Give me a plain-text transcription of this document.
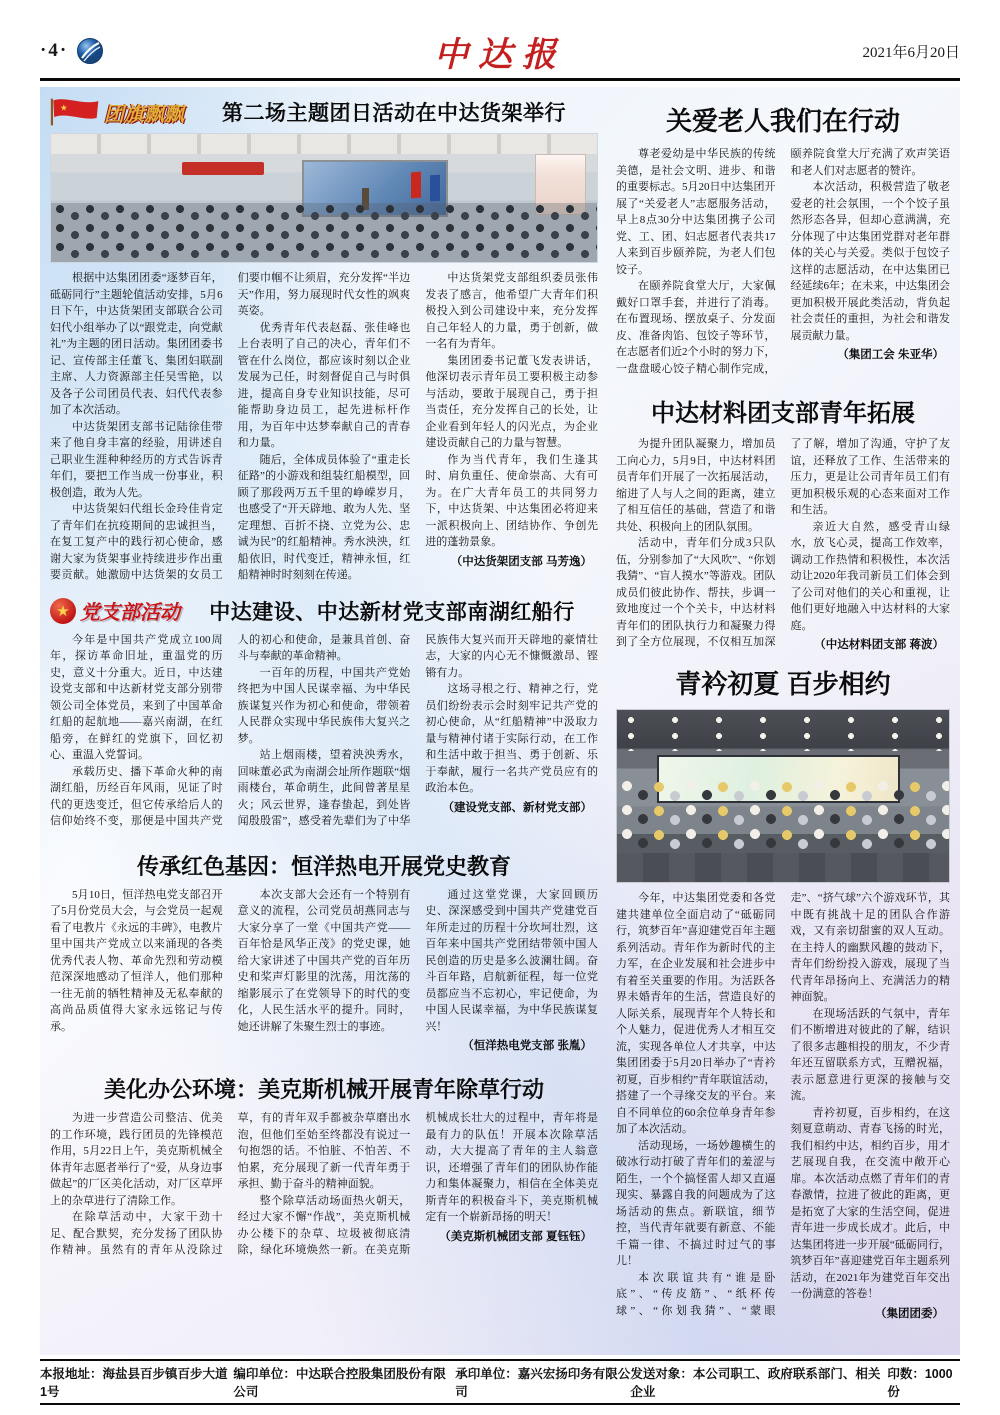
·4·	中达报	2021年6月20日
★ 团旗飘飘	第二场主题团日活动在中达货架举行

根据中达集团团委“逐梦百年，砥砺同行”主题轮值活动安排，5月6日下午，中达货架团支部联合公司妇代小组举办了以“跟党走，向党献礼”为主题的团日活动。集团团委书记、宣传部主任董飞、集团妇联副主席、人力资源部主任吴雪艳，以及各子公司团员代表、妇代代表参加了本次活动。

中达货架团支部书记陆徐佳带来了他自身丰富的经验，用讲述自己职业生涯种种经历的方式告诉青年们，要把工作当成一份事业，积极创造，敢为人先。

中达货架妇代组长金玲佳肯定了青年们在抗疫期间的忠诚担当，在复工复产中的践行初心使命，感谢大家为货架事业持续进步作出重要贡献。她激励中达货架的女员工们要巾帼不让须眉，充分发挥“半边天”作用，努力展现时代女性的飒爽英姿。

优秀青年代表赵磊、张佳峰也上台表明了自己的决心，青年们不管在什么岗位，都应该时刻以企业发展为己任，时刻督促自己与时俱进，提高自身专业知识技能，尽可能帮助身边员工，起先进标杆作用，为百年中达梦奉献自己的青春和力量。

随后，全体成员体验了“重走长征路”的小游戏和组装红船模型，回顾了那段两万五千里的峥嵘岁月，也感受了“开天辟地、敢为人先、坚定理想、百折不挠、立党为公、忠诚为民”的红船精神。秀水泱泱，红船依旧，时代变迁，精神永恒，红船精神时时刻刻在传递。

中达货架党支部组织委员张伟发表了感言，他希望广大青年们积极投入到公司建设中来，充分发挥自己年轻人的力量，勇于创新，做一名有为青年。

集团团委书记董飞发表讲话，他深切表示青年员工要积极主动参与活动，要敢于展现自己，勇于担当责任，充分发挥自己的长处，让企业看到年轻人的闪光点，为企业建设贡献自己的力量与智慧。

作为当代青年，我们生逢其时、肩负重任、使命崇高、大有可为。在广大青年员工的共同努力下，中达货架、中达集团必将迎来一派积极向上、团结协作、争创先进的蓬勃景象。

（中达货架团支部 马芳逸）

★ 党支部活动	中达建设、中达新材党支部南湖红船行

今年是中国共产党成立100周年，探访革命旧址，重温党的历史，意义十分重大。近日，中达建设党支部和中达新材党支部分别带领公司全体党员，来到了中国革命红船的起航地——嘉兴南湖，在红船旁，在鲜红的党旗下，回忆初心、重温入党誓词。

承载历史、播下革命火种的南湖红船，历经百年风雨，见证了时代的更迭变迁，但它传承给后人的信仰始终不变，那便是中国共产党人的初心和使命，是兼具首创、奋斗与奉献的革命精神。

一百年的历程，中国共产党始终把为中国人民谋幸福、为中华民族谋复兴作为初心和使命，带领着人民群众实现中华民族伟大复兴之梦。

站上烟雨楼，望着泱泱秀水，回味董必武为南湖会址所作题联“烟雨楼台，革命萌生，此间曾著星星火；风云世界，逢春蛰起，到处皆闻殷殷雷”，感受着先辈们为了中华民族伟大复兴而开天辟地的豪情壮志，大家的内心无不慷慨激昂、铿锵有力。

这场寻根之行、精神之行，党员们纷纷表示会时刻牢记共产党的初心使命，从“红船精神”中汲取力量与精神付诸于实际行动，在工作和生活中敢于担当、勇于创新、乐于奉献，履行一名共产党员应有的政治本色。

（建设党支部、新材党支部）

传承红色基因：恒洋热电开展党史教育

5月10日，恒洋热电党支部召开了5月份党员大会，与会党员一起观看了电教片《永远的丰碑》，电教片里中国共产党成立以来涌现的各类优秀代表人物、革命先烈和劳动模范深深地感动了恒洋人，他们那种一往无前的牺牲精神及无私奉献的高尚品质值得大家永远铭记与传承。

本次支部大会还有一个特别有意义的流程，公司党员胡燕同志与大家分享了一堂《中国共产党——百年恰是风华正茂》的党史课，她给大家讲述了中国共产党的百年历史和桨声灯影里的沈荡，用沈荡的缩影展示了在党领导下的时代的变化，人民生活水平的提升。同时，她还讲解了朱聚生烈士的事迹。

通过这堂党课，大家回顾历史、深深感受到中国共产党建党百年所走过的历程十分坎坷壮烈，这百年来中国共产党团结带领中国人民创造的历史是多么波澜壮阔。奋斗百年路，启航新征程，每一位党员都应当不忘初心，牢记使命，为中国人民谋幸福，为中华民族谋复兴！

（恒洋热电党支部 张胤）

美化办公环境：美克斯机械开展青年除草行动

为进一步营造公司整洁、优美的工作环境，践行团员的先锋模范作用，5月22日上午，美克斯机械全体青年志愿者举行了“爱，从身边事做起”的厂区美化活动，对厂区草坪上的杂草进行了清除工作。

在除草活动中，大家干劲十足、配合默契，充分发扬了团队协作精神。虽然有的青年从没除过草，有的青年双手都被杂草磨出水泡，但他们至始至终都没有说过一句抱怨的话。不怕脏、不怕苦、不怕累，充分展现了新一代青年勇于承担、勤于奋斗的精神面貌。

整个除草活动场面热火朝天，经过大家不懈“作战”，美克斯机械办公楼下的杂草、垃圾被彻底清除，绿化环境焕然一新。在美克斯机械成长壮大的过程中，青年将是最有力的队伍！开展本次除草活动，大大提高了青年的主人翁意识，还增强了青年们的团队协作能力和集体凝聚力，相信在全体美克斯青年的积极奋斗下，美克斯机械定有一个崭新昂扬的明天！

（美克斯机械团支部 夏钰钰）

关爱老人我们在行动

尊老爱幼是中华民族的传统美德，是社会文明、进步、和谐的重要标志。5月20日中达集团开展了“关爱老人”志愿服务活动，早上8点30分中达集团携子公司党、工、团、妇志愿者代表共17人来到百步颐养院，为老人们包饺子。

在颐养院食堂大厅，大家佩戴好口罩手套，并进行了消毒。在布置现场、摆放桌子、分发面皮、准备肉馅、包饺子等环节，在志愿者们近2个小时的努力下，一盘盘暖心饺子精心制作完成，颐养院食堂大厅充满了欢声笑语和老人们对志愿者的赞许。

本次活动，积极营造了敬老爱老的社会氛围，一个个饺子虽然形态各异，但却心意满满，充分体现了中达集团党群对老年群体的关心与关爱。类似于包饺子这样的志愿活动，在中达集团已经延续6年；在未来，中达集团会更加积极开展此类活动，背负起社会责任的重担，为社会和谐发展贡献力量。

（集团工会 朱亚华）

中达材料团支部青年拓展

为提升团队凝聚力，增加员工向心力，5月9日，中达材料团员青年们开展了一次拓展活动，缩进了人与人之间的距离，建立了相互信任的基础，营造了和谐共处、积极向上的团队氛围。

活动中，青年们分成3只队伍，分别参加了“大风吹”、“你划我猜”、“盲人摸水”等游戏。团队成员们彼此协作、帮扶，步调一致地度过一个个关卡，中达材料青年们的团队执行力和凝聚力得到了全方位展现，不仅相互加深了了解，增加了沟通，守护了友谊，还释放了工作、生活带来的压力，更是让公司青年员工们有更加积极乐观的心态来面对工作和生活。

亲近大自然，感受青山绿水，放飞心灵，提高工作效率，调动工作热情和积极性，本次活动让2020年我司新员工们体会到了公司对他们的关心和重视，让他们更好地融入中达材料的大家庭。

（中达材料团支部 蒋波）

青衿初夏 百步相约

今年，中达集团党委和各党建共建单位全面启动了“砥砺同行，筑梦百年”喜迎建党百年主题系列活动。青年作为新时代的主力军，在企业发展和社会进步中有着至关重要的作用。为活跃各界未婚青年的生活，营造良好的人际关系，展现青年个人特长和个人魅力，促进优秀人才相互交流，实现各单位人才共享，中达集团团委于5月20日举办了“青衿初夏，百步相约”青年联谊活动，搭建了一个寻缘交友的平台。来自不同单位的60余位单身青年参加了本次活动。

活动现场，一场妙趣横生的破冰行动打破了青年们的羞涩与陌生，一个个搞怪雷人却又直逼现实、暴露自我的问题成为了这场活动的焦点。新联谊，细节控，当代青年就要有新意、不能千篇一律、不搞过时过气的事儿！

本次联谊共有“谁是卧底”、“传皮筋”、“纸杯传球”、“你划我猜”、“蒙眼走”、“挤气球”六个游戏环节，其中既有挑战十足的团队合作游戏，又有亲切甜蜜的双人互动。在主持人的幽默风趣的鼓动下，青年们纷纷投入游戏，展现了当代青年昂扬向上、充满活力的精神面貌。

在现场活跃的气氛中，青年们不断增进对彼此的了解，结识了很多志趣相投的朋友，不少青年还互留联系方式，互赠祝福，表示愿意进行更深的接触与交流。

青衿初夏，百步相约，在这刻夏意萌动、青春飞扬的时光，我们相约中达，相约百步，用才艺展现自我，在交流中敞开心扉。本次活动点燃了青年们的青春激情，拉进了彼此的距离，更是拓宽了大家的生活空间，促进青年进一步成长成才。此后，中达集团将进一步开展“砥砺同行，筑梦百年”喜迎建党百年主题系列活动，在2021年为建党百年交出一份满意的答卷！

（集团团委）

本报地址：海盐县百步镇百步大道1号
编印单位：中达联合控股集团股份有限公司
承印单位：嘉兴宏扬印务有限公司
发送对象：本公司职工、政府联系部门、相关企业
印数：1000份
